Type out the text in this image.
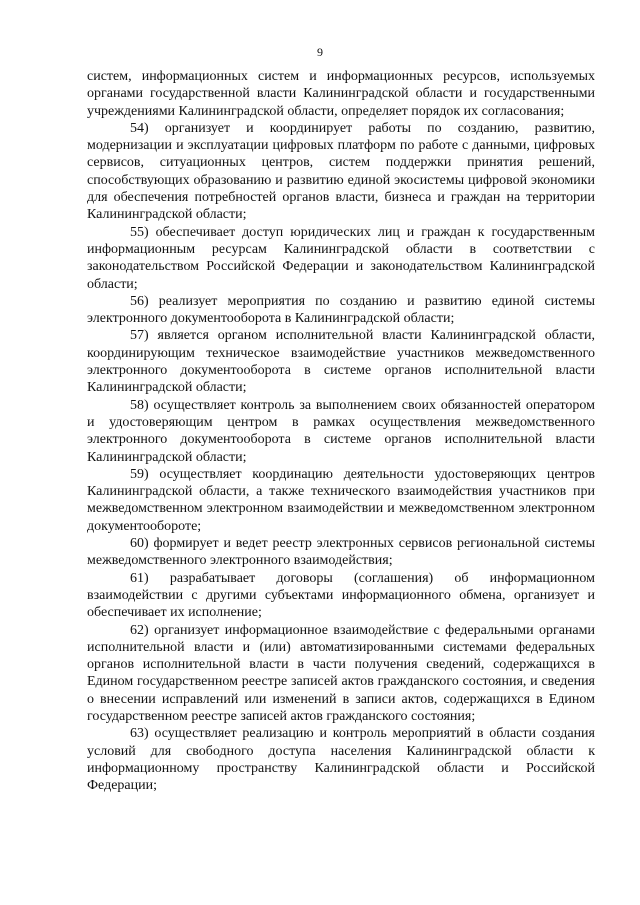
9

систем, информационных систем и информационных ресурсов, используемых органами государственной власти Калининградской области и государственными учреждениями Калининградской области, определяет порядок их согласования;

54) организует и координирует работы по созданию, развитию, модернизации и эксплуатации цифровых платформ по работе с данными, цифровых сервисов, ситуационных центров, систем поддержки принятия решений, способствующих образованию и развитию единой экосистемы цифровой экономики для обеспечения потребностей органов власти, бизнеса и граждан на территории Калининградской области;

55) обеспечивает доступ юридических лиц и граждан к государственным информационным ресурсам Калининградской области в соответствии с законодательством Российской Федерации и законодательством Калининградской области;

56) реализует мероприятия по созданию и развитию единой системы электронного документооборота в Калининградской области;

57) является органом исполнительной власти Калининградской области, координирующим техническое взаимодействие участников межведомственного электронного документооборота в системе органов исполнительной власти Калининградской области;

58) осуществляет контроль за выполнением своих обязанностей оператором и удостоверяющим центром в рамках осуществления межведомственного электронного документооборота в системе органов исполнительной власти Калининградской области;

59) осуществляет координацию деятельности удостоверяющих центров Калининградской области, а также технического взаимодействия участников при межведомственном электронном взаимодействии и межведомственном электронном документообороте;

60) формирует и ведет реестр электронных сервисов региональной системы межведомственного электронного взаимодействия;

61) разрабатывает договоры (соглашения) об информационном взаимодействии с другими субъектами информационного обмена, организует и обеспечивает их исполнение;

62) организует информационное взаимодействие с федеральными органами исполнительной власти и (или) автоматизированными системами федеральных органов исполнительной власти в части получения сведений, содержащихся в Едином государственном реестре записей актов гражданского состояния, и сведения о внесении исправлений или изменений в записи актов, содержащихся в Едином государственном реестре записей актов гражданского состояния;

63) осуществляет реализацию и контроль мероприятий в области создания условий для свободного доступа населения Калининградской области к информационному пространству Калининградской области и Российской Федерации;
